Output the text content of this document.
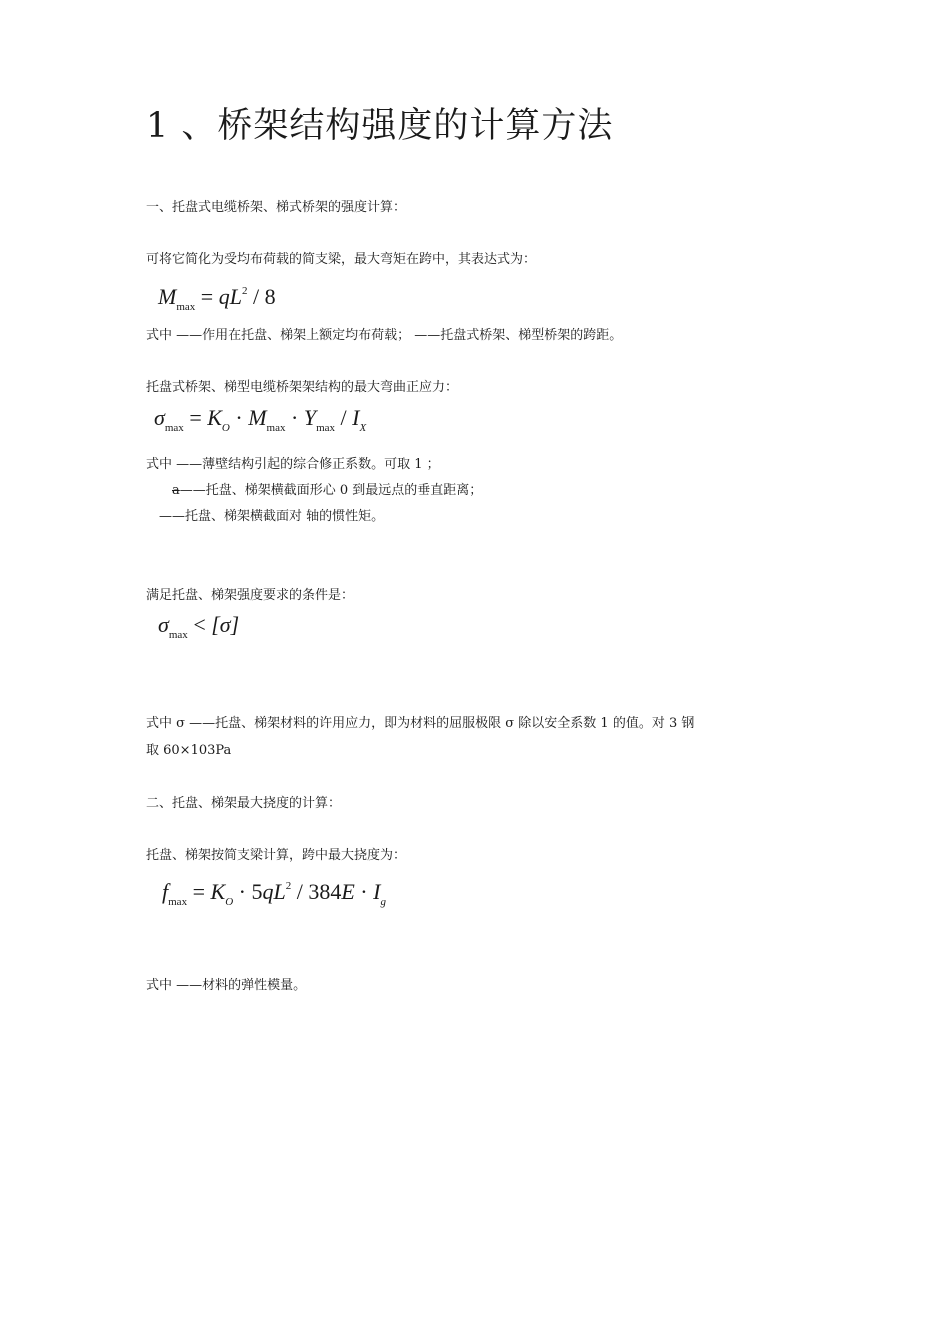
1 、桥架结构强度的计算方法
一、托盘式电缆桥架、梯式桥架的强度计算：
可将它简化为受均布荷载的简支梁，最大弯矩在跨中，其表达式为：
$M_{max} = qL^2 / 8$
式中 ——作用在托盘、梯架上额定均布荷载； ——托盘式桥架、梯型桥架的跨距。
托盘式桥架、梯型电缆桥架架结构的最大弯曲正应力：
$\sigma_{max} = K_O \cdot M_{max} \cdot Y_{max} / I_X$
式中 ——薄壁结构引起的综合修正系数。可取 1 ；
a——托盘、梯架横截面形心 0 到最远点的垂直距离；
——托盘、梯架横截面对 轴的惯性矩。
满足托盘、梯架强度要求的条件是：
$\sigma_{max} < [\sigma]$
式中 σ ——托盘、梯架材料的许用应力，即为材料的屈服极限 σ 除以安全系数 1 的值。对 3 钢
取 60×103Pa
二、托盘、梯架最大挠度的计算：
托盘、梯架按简支梁计算，跨中最大挠度为：
$f_{max} = K_O \cdot 5qL^2 / 384E \cdot I_g$
式中 ——材料的弹性模量。
